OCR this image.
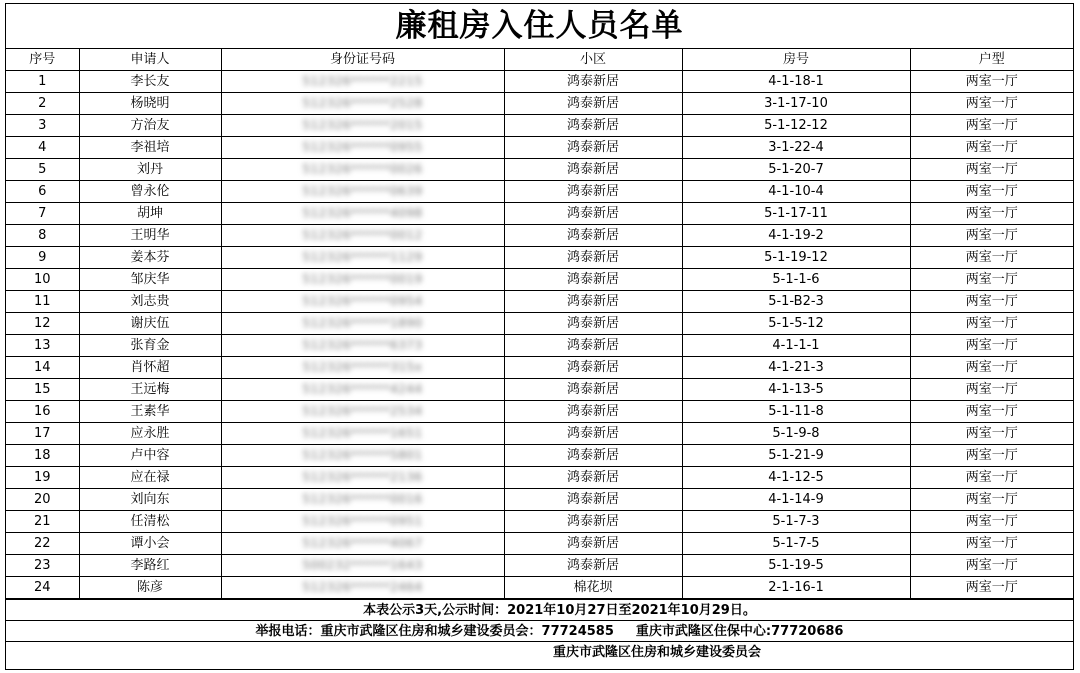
廉租房入住人员名单
序号	申请人	身份证号码	小区	房号	户型
1	李长友	512326******2215	鸿泰新居	4-1-18-1	两室一厅
2	杨晓明	512326******2528	鸿泰新居	3-1-17-10	两室一厅
3	方治友	512326******2015	鸿泰新居	5-1-12-12	两室一厅
4	李祖培	512326******0955	鸿泰新居	3-1-22-4	两室一厅
5	刘丹	512326******0026	鸿泰新居	5-1-20-7	两室一厅
6	曾永伦	512326******0639	鸿泰新居	4-1-10-4	两室一厅
7	胡坤	512326******4098	鸿泰新居	5-1-17-11	两室一厅
8	王明华	512326******0012	鸿泰新居	4-1-19-2	两室一厅
9	姜本芬	512326******1129	鸿泰新居	5-1-19-12	两室一厅
10	邹庆华	512326******0019	鸿泰新居	5-1-1-6	两室一厅
11	刘志贵	512326******0954	鸿泰新居	5-1-B2-3	两室一厅
12	谢庆伍	512326******1890	鸿泰新居	5-1-5-12	两室一厅
13	张育金	512326******6373	鸿泰新居	4-1-1-1	两室一厅
14	肖怀超	512326******315x	鸿泰新居	4-1-21-3	两室一厅
15	王远梅	512326******4244	鸿泰新居	4-1-13-5	两室一厅
16	王素华	512326******2534	鸿泰新居	5-1-11-8	两室一厅
17	应永胜	512326******1651	鸿泰新居	5-1-9-8	两室一厅
18	卢中容	512326******5801	鸿泰新居	5-1-21-9	两室一厅
19	应在禄	512326******2136	鸿泰新居	4-1-12-5	两室一厅
20	刘向东	512326******0016	鸿泰新居	4-1-14-9	两室一厅
21	任清松	512326******0951	鸿泰新居	5-1-7-3	两室一厅
22	谭小会	512326******4067	鸿泰新居	5-1-7-5	两室一厅
23	李路红	500232******1643	鸿泰新居	5-1-19-5	两室一厅
24	陈彦	512326******2464	棉花坝	2-1-16-1	两室一厅
本表公示3天,公示时间：2021年10月27日至2021年10月29日。
举报电话：重庆市武隆区住房和城乡建设委员会：77724585 重庆市武隆区住保中心:77720686
重庆市武隆区住房和城乡建设委员会
